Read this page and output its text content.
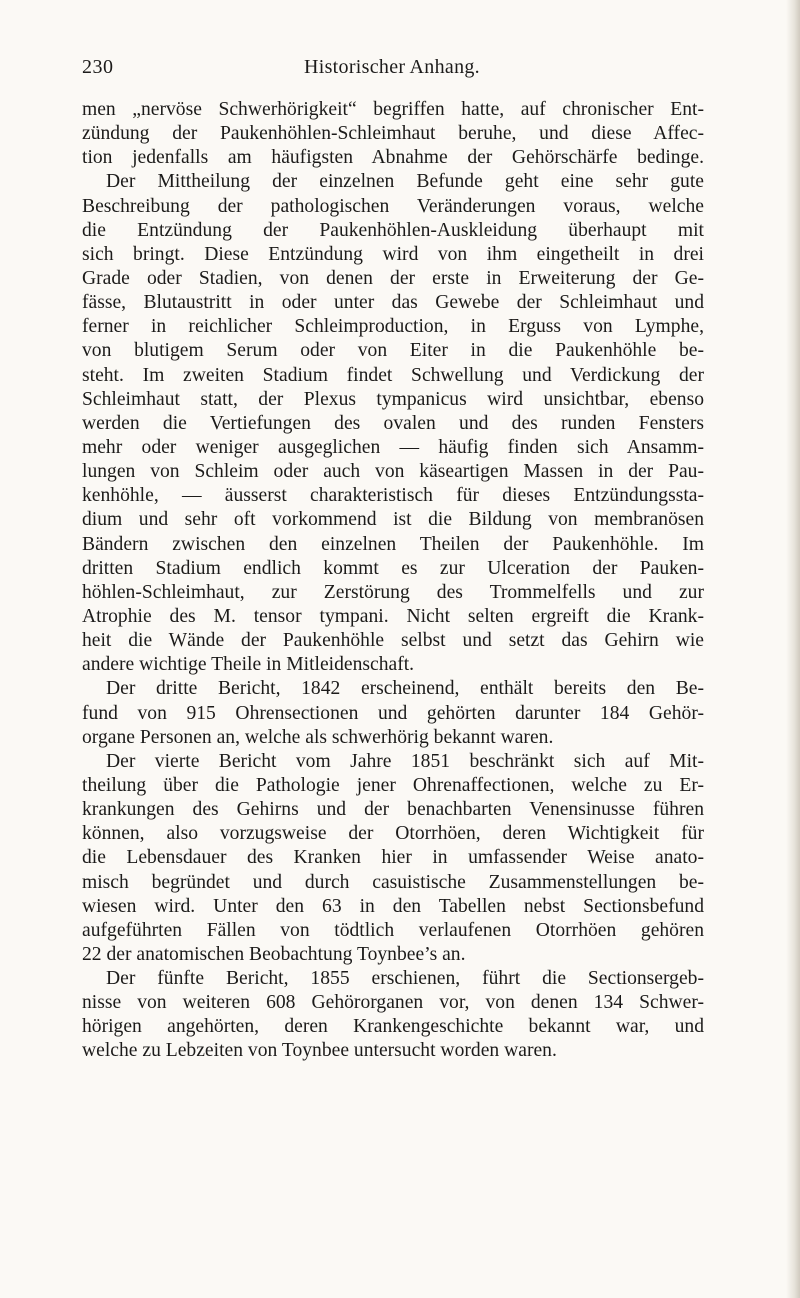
230	Historischer Anhang.
men „nervöse Schwerhörigkeit“ begriffen hatte, auf chronischer Ent-
zündung der Paukenhöhlen-Schleimhaut beruhe, und diese Affec-
tion jedenfalls am häufigsten Abnahme der Gehörschärfe bedinge.
Der Mittheilung der einzelnen Befunde geht eine sehr gute
Beschreibung der pathologischen Veränderungen voraus, welche
die Entzündung der Paukenhöhlen-Auskleidung überhaupt mit
sich bringt. Diese Entzündung wird von ihm eingetheilt in drei
Grade oder Stadien, von denen der erste in Erweiterung der Ge-
fässe, Blutaustritt in oder unter das Gewebe der Schleimhaut und
ferner in reichlicher Schleimproduction, in Erguss von Lymphe,
von blutigem Serum oder von Eiter in die Paukenhöhle be-
steht. Im zweiten Stadium findet Schwellung und Verdickung der
Schleimhaut statt, der Plexus tympanicus wird unsichtbar, ebenso
werden die Vertiefungen des ovalen und des runden Fensters
mehr oder weniger ausgeglichen — häufig finden sich Ansamm-
lungen von Schleim oder auch von käseartigen Massen in der Pau-
kenhöhle, — äusserst charakteristisch für dieses Entzündungssta-
dium und sehr oft vorkommend ist die Bildung von membranösen
Bändern zwischen den einzelnen Theilen der Paukenhöhle. Im
dritten Stadium endlich kommt es zur Ulceration der Pauken-
höhlen-Schleimhaut, zur Zerstörung des Trommelfells und zur
Atrophie des M. tensor tympani. Nicht selten ergreift die Krank-
heit die Wände der Paukenhöhle selbst und setzt das Gehirn wie
andere wichtige Theile in Mitleidenschaft.
Der dritte Bericht, 1842 erscheinend, enthält bereits den Be-
fund von 915 Ohrensectionen und gehörten darunter 184 Gehör-
organe Personen an, welche als schwerhörig bekannt waren.
Der vierte Bericht vom Jahre 1851 beschränkt sich auf Mit-
theilung über die Pathologie jener Ohrenaffectionen, welche zu Er-
krankungen des Gehirns und der benachbarten Venensinusse führen
können, also vorzugsweise der Otorrhöen, deren Wichtigkeit für
die Lebensdauer des Kranken hier in umfassender Weise anato-
misch begründet und durch casuistische Zusammenstellungen be-
wiesen wird. Unter den 63 in den Tabellen nebst Sectionsbefund
aufgeführten Fällen von tödtlich verlaufenen Otorrhöen gehören
22 der anatomischen Beobachtung Toynbee’s an.
Der fünfte Bericht, 1855 erschienen, führt die Sectionsergeb-
nisse von weiteren 608 Gehörorganen vor, von denen 134 Schwer-
hörigen angehörten, deren Krankengeschichte bekannt war, und
welche zu Lebzeiten von Toynbee untersucht worden waren.
